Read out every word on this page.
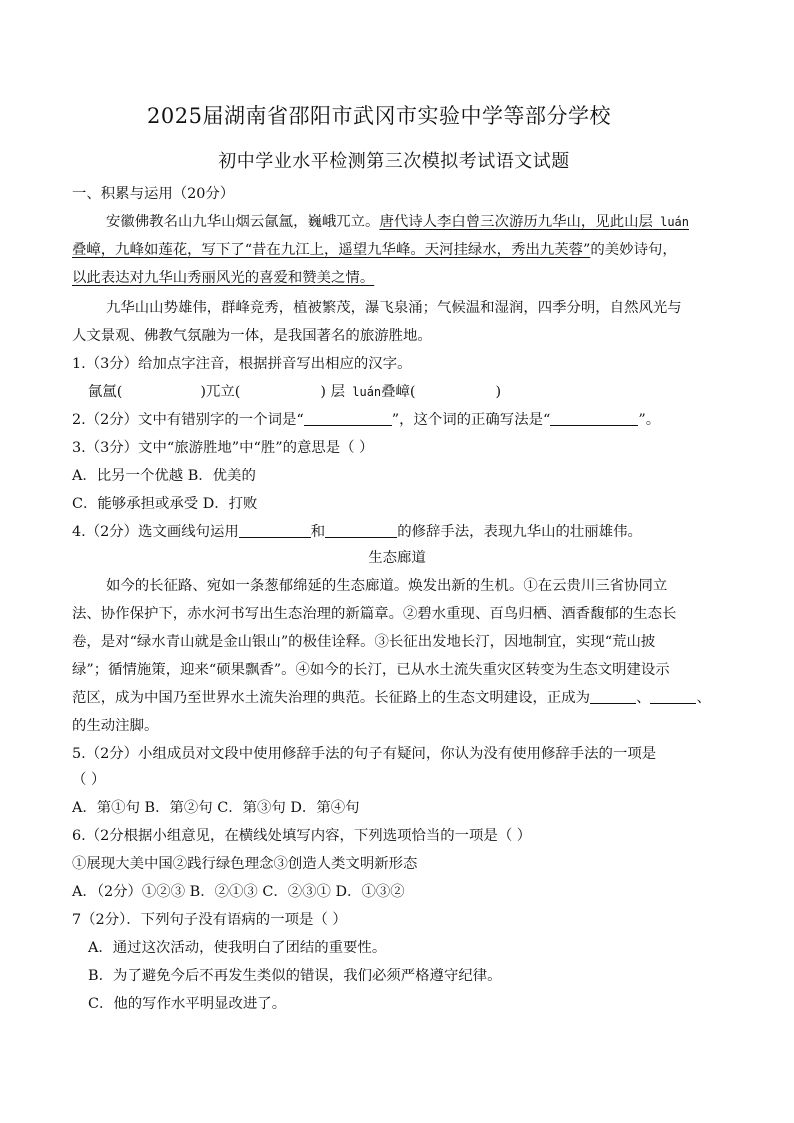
2025届湖南省邵阳市武冈市实验中学等部分学校
初中学业水平检测第三次模拟考试语文试题
一、积累与运用（20分）
安徽佛教名山九华山烟云氤氲，巍峨兀立。唐代诗人李白曾三次游历九华山，见此山层 luán
叠嶂，九峰如莲花，写下了“昔在九江上，遥望九华峰。天河挂绿水，秀出九芙蓉”的美妙诗句，
以此表达对九华山秀丽风光的喜爱和赞美之情。
九华山山势雄伟，群峰竞秀，植被繁茂，瀑飞泉涌；气候温和湿润，四季分明，自然风光与
人文景观、佛教气氛融为一体，是我国著名的旅游胜地。
1.（3分）给加点字注音，根据拼音写出相应的汉字。
氤氲(	)兀立(	) 层 luán叠嶂(	)
2.（2分）文中有错别字的一个词是“	”，这个词的正确写法是“	”。
3.（3分）文中“旅游胜地”中“胜”的意思是（ ）
A．比另一个优越 B．优美的
C．能够承担或承受 D．打败
4.（2分）选文画线句运用	和	的修辞手法，表现九华山的壮丽雄伟。
生态廊道
如今的长征路、宛如一条葱郁绵延的生态廊道。焕发出新的生机。①在云贵川三省协同立
法、协作保护下，赤水河书写出生态治理的新篇章。②碧水重现、百鸟归栖、酒香馥郁的生态长
卷，是对“绿水青山就是金山银山”的极佳诠释。③长征出发地长汀，因地制宜，实现“荒山披
绿”；循情施策，迎来“硕果飘香”。④如今的长汀，已从水土流失重灾区转变为生态文明建设示
范区，成为中国乃至世界水土流失治理的典范。长征路上的生态文明建设，正成为	、	、
的生动注脚。
5.（2分）小组成员对文段中使用修辞手法的句子有疑问，你认为没有使用修辞手法的一项是
（ ）
A．第①句 B．第②句 C．第③句 D．第④句
6.（2分根据小组意见，在横线处填写内容，下列选项恰当的一项是（ ）
①展现大美中国②践行绿色理念③创造人类文明新形态
A．（2分）①②③ B．②①③ C．②③① D．①③②
7（2分）．下列句子没有语病的一项是（ ）
A．通过这次活动，使我明白了团结的重要性。
B．为了避免今后不再发生类似的错误，我们必须严格遵守纪律。
C．他的写作水平明显改进了。
